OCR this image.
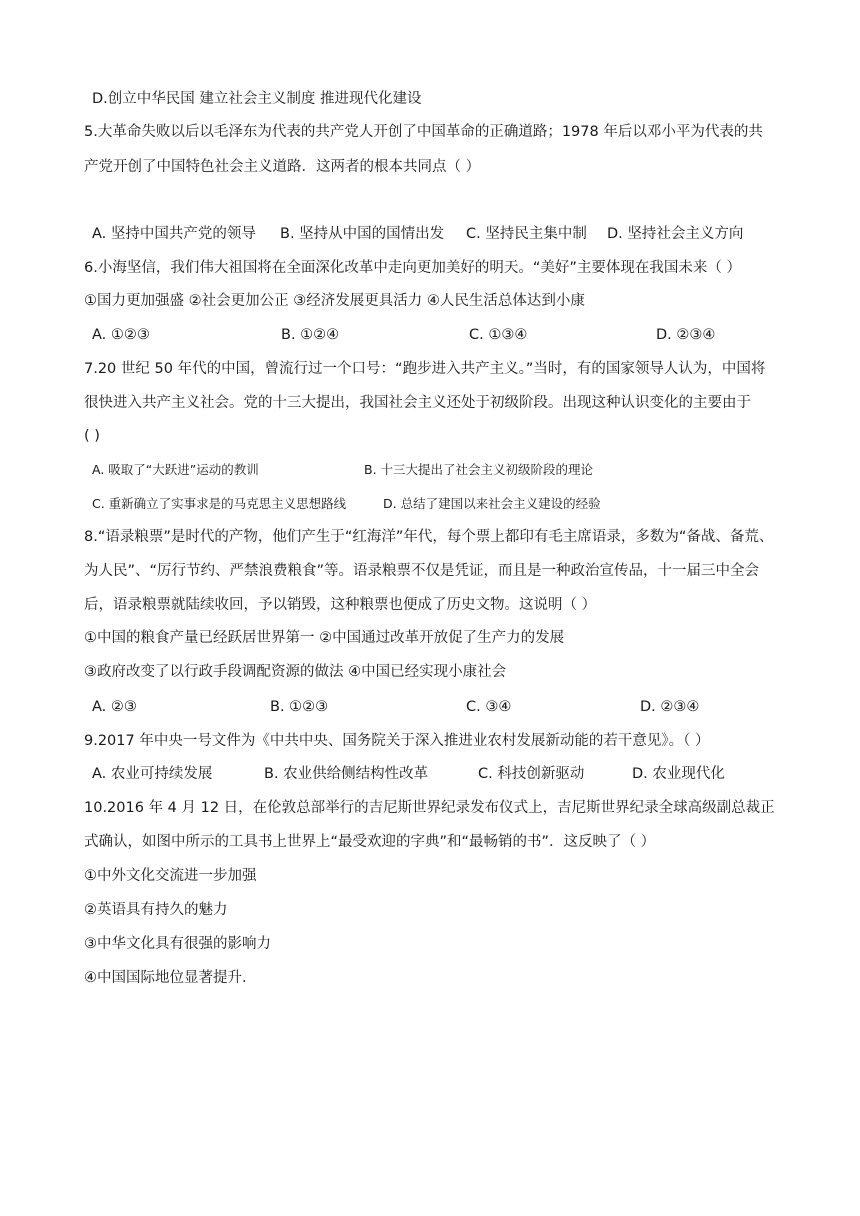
D.创立中华民国 建立社会主义制度 推进现代化建设
5.大革命失败以后以毛泽东为代表的共产党人开创了中国革命的正确道路；1978 年后以邓小平为代表的共
产党开创了中国特色社会主义道路．这两者的根本共同点（ ）
A. 坚持中国共产党的领导 B. 坚持从中国的国情出发 C. 坚持民主集中制 D. 坚持社会主义方向
6.小海坚信，我们伟大祖国将在全面深化改革中走向更加美好的明天。“美好”主要体现在我国未来（ ）
①国力更加强盛 ②社会更加公正 ③经济发展更具活力 ④人民生活总体达到小康
A. ①②③	B. ①②④	C. ①③④	D. ②③④
7.20 世纪 50 年代的中国，曾流行过一个口号：“跑步进入共产主义。”当时，有的国家领导人认为，中国将
很快进入共产主义社会。党的十三大提出，我国社会主义还处于初级阶段。出现这种认识变化的主要由于
( )
A. 吸取了“大跃进”运动的教训	B. 十三大提出了社会主义初级阶段的理论
C. 重新确立了实事求是的马克思主义思想路线	D. 总结了建国以来社会主义建设的经验
8.“语录粮票”是时代的产物，他们产生于“红海洋”年代，每个票上都印有毛主席语录，多数为“备战、备荒、
为人民”、“厉行节约、严禁浪费粮食”等。语录粮票不仅是凭证，而且是一种政治宣传品，十一届三中全会
后，语录粮票就陆续收回，予以销毁，这种粮票也便成了历史文物。这说明（ ）
①中国的粮食产量已经跃居世界第一 ②中国通过改革开放促了生产力的发展
③政府改变了以行政手段调配资源的做法 ④中国已经实现小康社会
A. ②③	B. ①②③	C. ③④	D. ②③④
9.2017 年中央一号文件为《中共中央、国务院关于深入推进业农村发展新动能的若干意见》。（ ）
A. 农业可持续发展	B. 农业供给侧结构性改革	C. 科技创新驱动	D. 农业现代化
10.2016 年 4 月 12 日，在伦敦总部举行的吉尼斯世界纪录发布仪式上，吉尼斯世界纪录全球高级副总裁正
式确认，如图中所示的工具书上世界上“最受欢迎的字典”和“最畅销的书”．这反映了（ ）
①中外文化交流进一步加强
②英语具有持久的魅力
③中华文化具有很强的影响力
④中国国际地位显著提升．
